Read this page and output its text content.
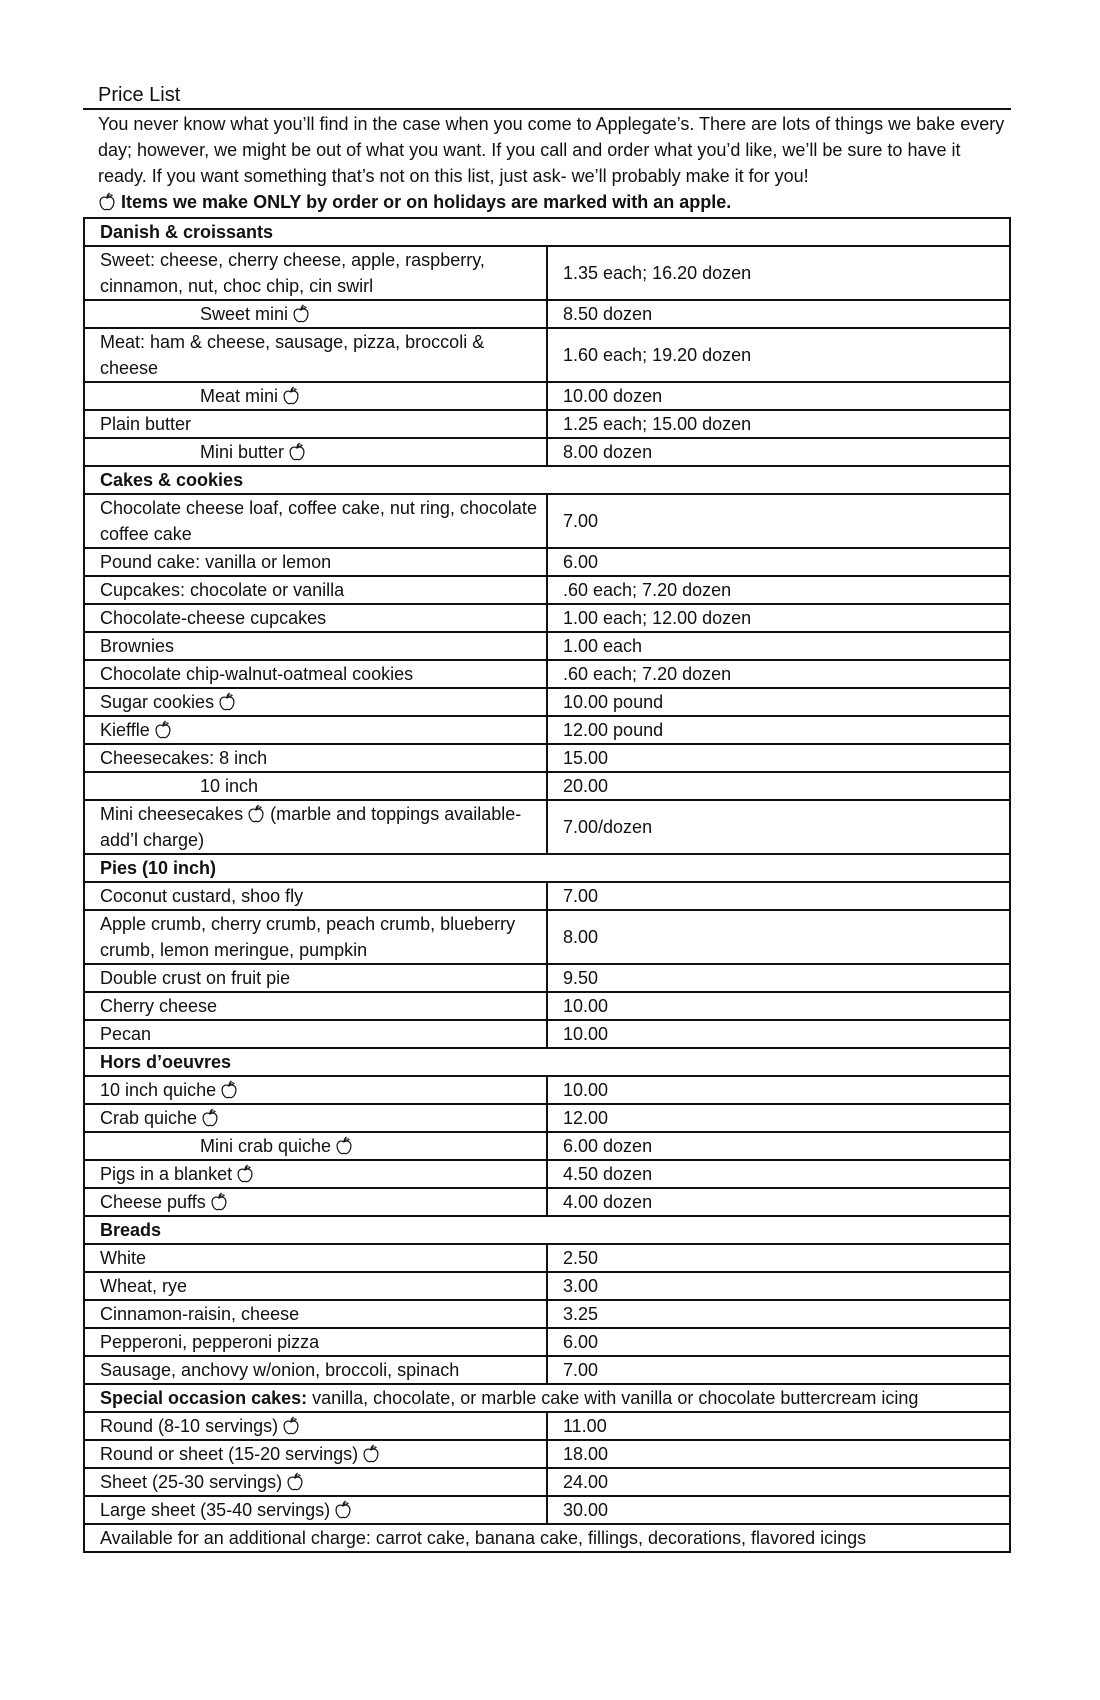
Price List
You never know what you’ll find in the case when you come to Applegate’s. There are lots of things we bake every day; however, we might be out of what you want. If you call and order what you’d like, we’ll be sure to have it ready. If you want something that’s not on this list, just ask- we’ll probably make it for you!
Items we make ONLY by order or on holidays are marked with an apple.
Danish & croissants	
Sweet: cheese, cherry cheese, apple, raspberry, cinnamon, nut, choc chip, cin swirl	1.35 each; 16.20 dozen
Sweet mini	8.50 dozen
Meat: ham & cheese, sausage, pizza, broccoli & cheese	1.60 each; 19.20 dozen
Meat mini	10.00 dozen
Plain butter	1.25 each; 15.00 dozen
Mini butter	8.00 dozen
Cakes & cookies	
Chocolate cheese loaf, coffee cake, nut ring, chocolate coffee cake	7.00
Pound cake: vanilla or lemon	6.00
Cupcakes: chocolate or vanilla	.60 each; 7.20 dozen
Chocolate-cheese cupcakes	1.00 each; 12.00 dozen
Brownies	1.00 each
Chocolate chip-walnut-oatmeal cookies	.60 each; 7.20 dozen
Sugar cookies	10.00 pound
Kieffle	12.00 pound
Cheesecakes: 8 inch	15.00
10 inch	20.00
Mini cheesecakes (marble and toppings available- add’l charge)	7.00/dozen
Pies (10 inch)	
Coconut custard, shoo fly	7.00
Apple crumb, cherry crumb, peach crumb, blueberry crumb, lemon meringue, pumpkin	8.00
Double crust on fruit pie	9.50
Cherry cheese	10.00
Pecan	10.00
Hors d’oeuvres	
10 inch quiche	10.00
Crab quiche	12.00
Mini crab quiche	6.00 dozen
Pigs in a blanket	4.50 dozen
Cheese puffs	4.00 dozen
Breads	
White	2.50
Wheat, rye	3.00
Cinnamon-raisin, cheese	3.25
Pepperoni, pepperoni pizza	6.00
Sausage, anchovy w/onion, broccoli, spinach	7.00
Special occasion cakes: vanilla, chocolate, or marble cake with vanilla or chocolate buttercream icing	
Round (8-10 servings)	11.00
Round or sheet (15-20 servings)	18.00
Sheet (25-30 servings)	24.00
Large sheet (35-40 servings)	30.00
Available for an additional charge: carrot cake, banana cake, fillings, decorations, flavored icings	
